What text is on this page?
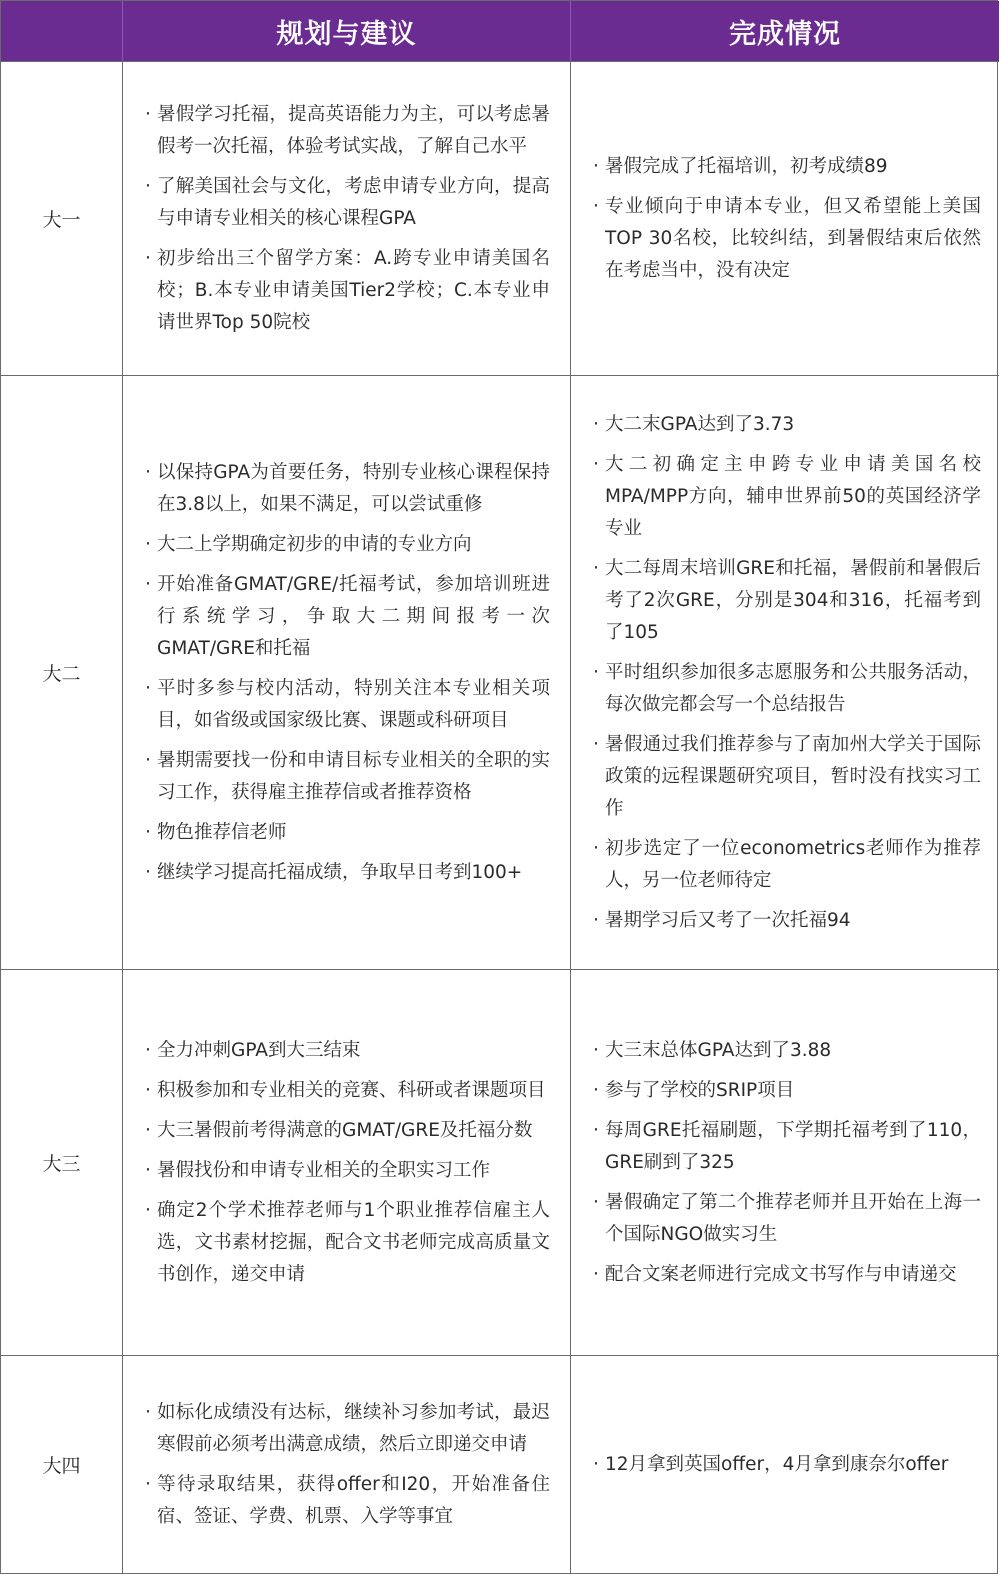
规划与建议	完成情况
大一
· 暑假学习托福，提高英语能力为主，可以考虑暑假考一次托福，体验考试实战，了解自己水平
· 了解美国社会与文化，考虑申请专业方向，提高与申请专业相关的核心课程GPA
· 初步给出三个留学方案：A.跨专业申请美国名校；B.本专业申请美国Tier2学校；C.本专业申请世界Top 50院校
· 暑假完成了托福培训，初考成绩89
· 专业倾向于申请本专业，但又希望能上美国TOP 30名校，比较纠结，到暑假结束后依然在考虑当中，没有决定
大二
· 以保持GPA为首要任务，特别专业核心课程保持在3.8以上，如果不满足，可以尝试重修
· 大二上学期确定初步的申请的专业方向
· 开始准备GMAT/GRE/托福考试，参加培训班进行系统学习，争取大二期间报考一次GMAT/GRE和托福
· 平时多参与校内活动，特别关注本专业相关项目，如省级或国家级比赛、课题或科研项目
· 暑期需要找一份和申请目标专业相关的全职的实习工作，获得雇主推荐信或者推荐资格
· 物色推荐信老师
· 继续学习提高托福成绩，争取早日考到100+
· 大二末GPA达到了3.73
· 大二初确定主申跨专业申请美国名校MPA/MPP方向，辅申世界前50的英国经济学专业
· 大二每周末培训GRE和托福，暑假前和暑假后考了2次GRE，分别是304和316，托福考到了105
· 平时组织参加很多志愿服务和公共服务活动，每次做完都会写一个总结报告
· 暑假通过我们推荐参与了南加州大学关于国际政策的远程课题研究项目，暂时没有找实习工作
· 初步选定了一位econometrics老师作为推荐人，另一位老师待定
· 暑期学习后又考了一次托福94
大三
· 全力冲刺GPA到大三结束
· 积极参加和专业相关的竞赛、科研或者课题项目
· 大三暑假前考得满意的GMAT/GRE及托福分数
· 暑假找份和申请专业相关的全职实习工作
· 确定2个学术推荐老师与1个职业推荐信雇主人选，文书素材挖掘，配合文书老师完成高质量文书创作，递交申请
· 大三末总体GPA达到了3.88
· 参与了学校的SRIP项目
· 每周GRE托福刷题，下学期托福考到了110，GRE刷到了325
· 暑假确定了第二个推荐老师并且开始在上海一个国际NGO做实习生
· 配合文案老师进行完成文书写作与申请递交
大四
· 如标化成绩没有达标，继续补习参加考试，最迟寒假前必须考出满意成绩，然后立即递交申请
· 等待录取结果，获得offer和I20，开始准备住宿、签证、学费、机票、入学等事宜
· 12月拿到英国offer，4月拿到康奈尔offer
